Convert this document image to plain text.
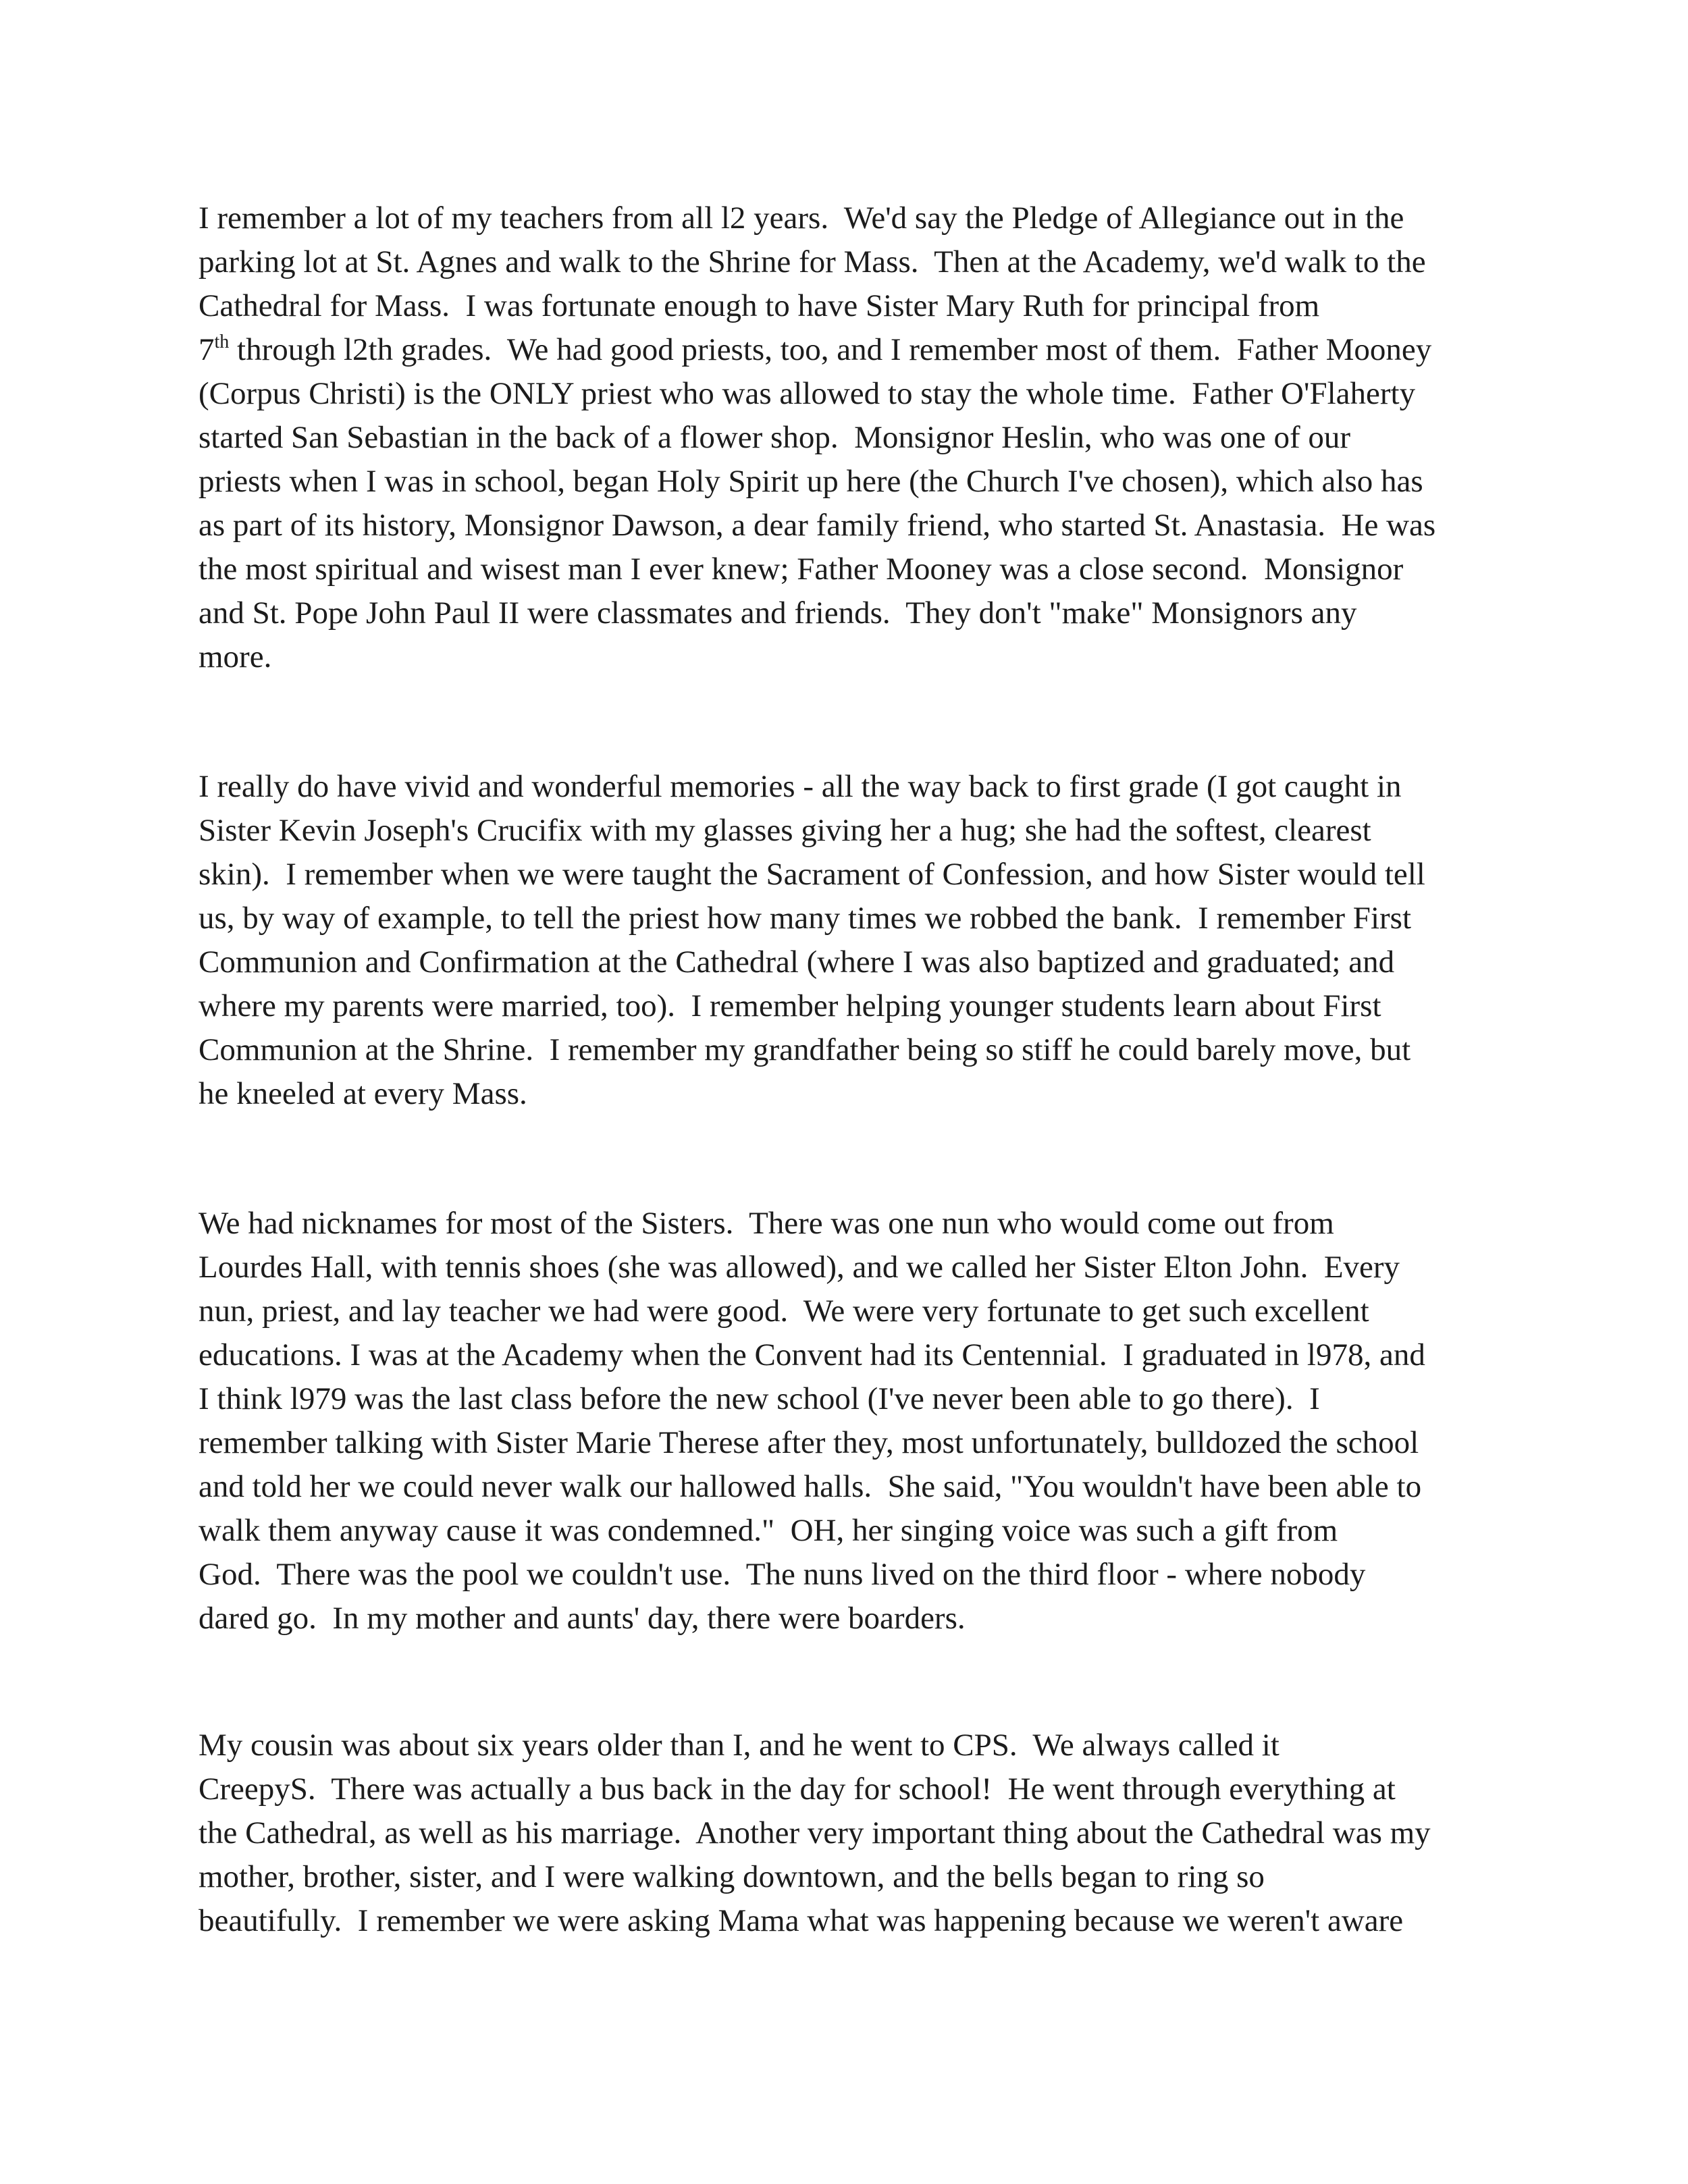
I remember a lot of my teachers from all l2 years.  We'd say the Pledge of Allegiance out in the
parking lot at St. Agnes and walk to the Shrine for Mass.  Then at the Academy, we'd walk to the
Cathedral for Mass.  I was fortunate enough to have Sister Mary Ruth for principal from
7th through l2th grades.  We had good priests, too, and I remember most of them.  Father Mooney
(Corpus Christi) is the ONLY priest who was allowed to stay the whole time.  Father O'Flaherty
started San Sebastian in the back of a flower shop.  Monsignor Heslin, who was one of our
priests when I was in school, began Holy Spirit up here (the Church I've chosen), which also has
as part of its history, Monsignor Dawson, a dear family friend, who started St. Anastasia.  He was
the most spiritual and wisest man I ever knew; Father Mooney was a close second.  Monsignor
and St. Pope John Paul II were classmates and friends.  They don't "make" Monsignors any
more.
I really do have vivid and wonderful memories - all the way back to first grade (I got caught in
Sister Kevin Joseph's Crucifix with my glasses giving her a hug; she had the softest, clearest
skin).  I remember when we were taught the Sacrament of Confession, and how Sister would tell
us, by way of example, to tell the priest how many times we robbed the bank.  I remember First
Communion and Confirmation at the Cathedral (where I was also baptized and graduated; and
where my parents were married, too).  I remember helping younger students learn about First
Communion at the Shrine.  I remember my grandfather being so stiff he could barely move, but
he kneeled at every Mass.
We had nicknames for most of the Sisters.  There was one nun who would come out from
Lourdes Hall, with tennis shoes (she was allowed), and we called her Sister Elton John.  Every
nun, priest, and lay teacher we had were good.  We were very fortunate to get such excellent
educations. I was at the Academy when the Convent had its Centennial.  I graduated in l978, and
I think l979 was the last class before the new school (I've never been able to go there).  I
remember talking with Sister Marie Therese after they, most unfortunately, bulldozed the school
and told her we could never walk our hallowed halls.  She said, "You wouldn't have been able to
walk them anyway cause it was condemned."  OH, her singing voice was such a gift from
God.  There was the pool we couldn't use.  The nuns lived on the third floor - where nobody
dared go.  In my mother and aunts' day, there were boarders.
My cousin was about six years older than I, and he went to CPS.  We always called it
CreepyS.  There was actually a bus back in the day for school!  He went through everything at
the Cathedral, as well as his marriage.  Another very important thing about the Cathedral was my
mother, brother, sister, and I were walking downtown, and the bells began to ring so
beautifully.  I remember we were asking Mama what was happening because we weren't aware
